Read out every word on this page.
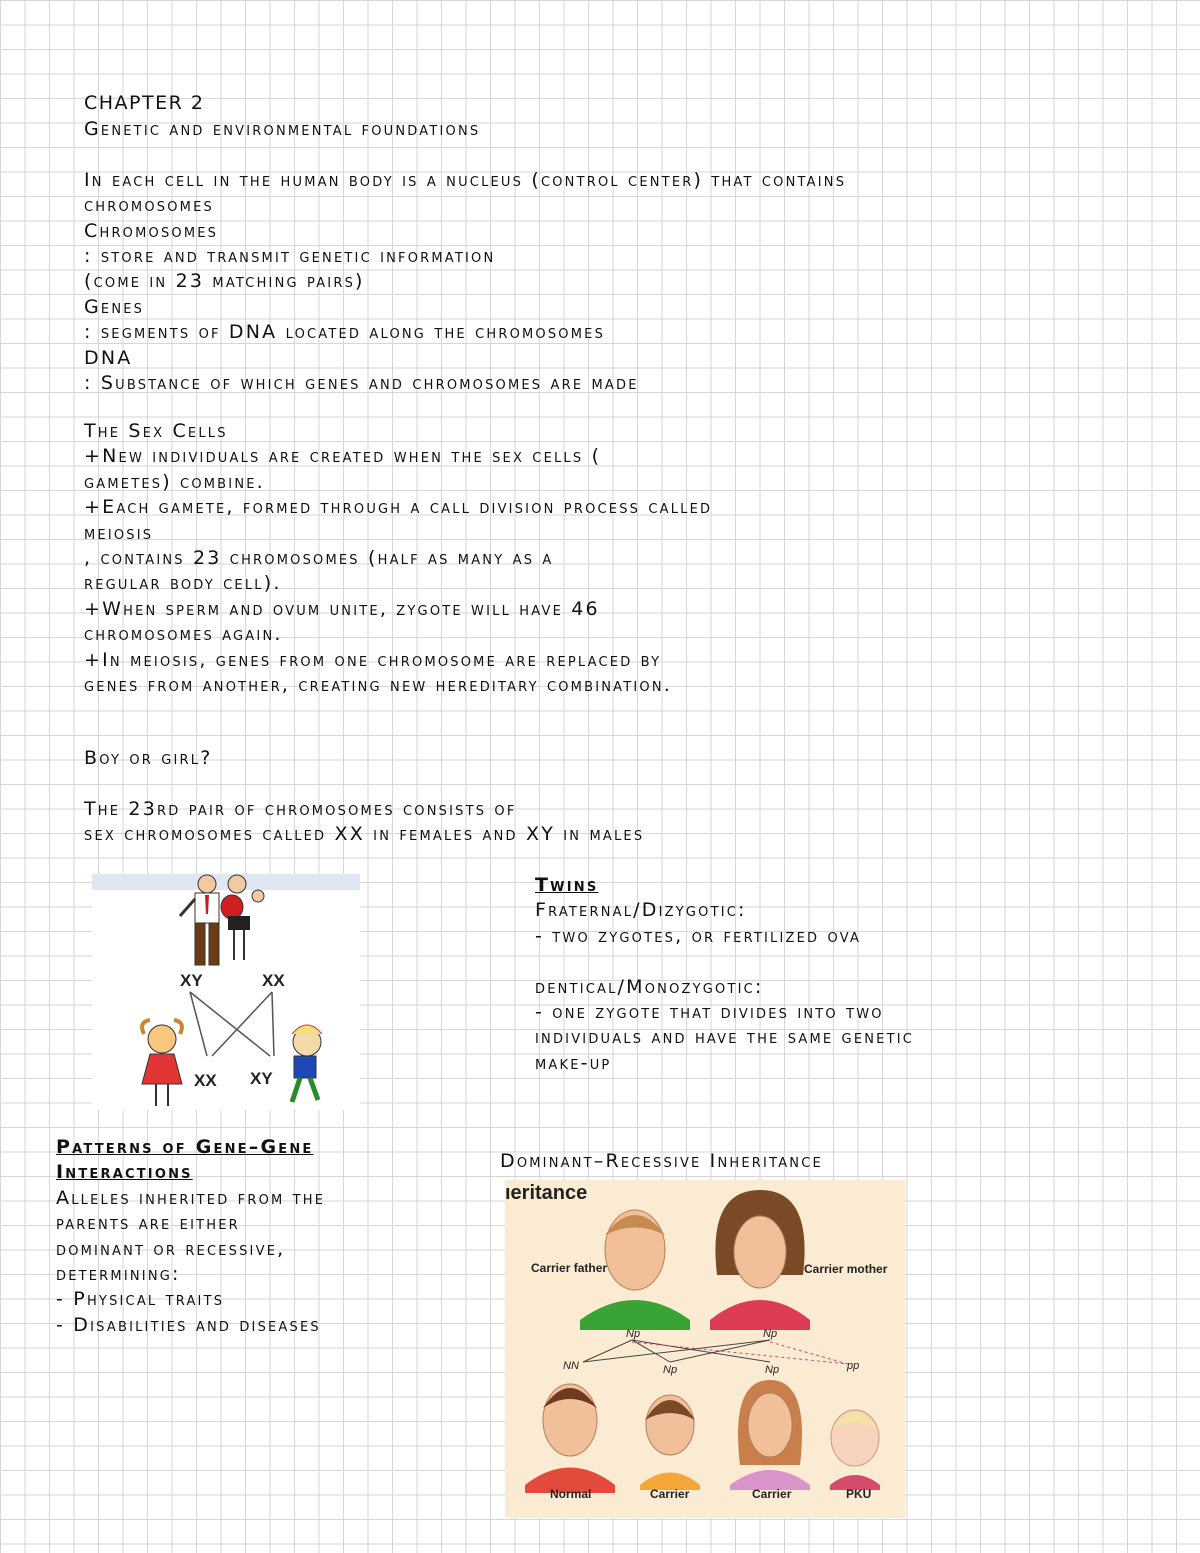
CHAPTER 2
Genetic and environmental foundations
In each cell in the human body is a nucleus (control center) that contains
chromosomes
Chromosomes
: store and transmit genetic information
(come in 23 matching pairs)
Genes
: segments of DNA located along the chromosomes
DNA
: Substance of which genes and chromosomes are made
The Sex Cells
+New individuals are created when the sex cells (
gametes) combine.
+Each gamete, formed through a call division process called
meiosis
, contains 23 chromosomes (half as many as a
regular body cell).
+When sperm and ovum unite, zygote will have 46
chromosomes again.
+In meiosis, genes from one chromosome are replaced by
genes from another, creating new hereditary combination.
Boy or girl?
The 23rd pair of chromosomes consists of
sex chromosomes called XX in females and XY in males
XY	XX
XX XY
Twins
Fraternal/Dizygotic:
- two zygotes, or fertilized ova
dentical/Monozygotic:
- one zygote that divides into two
individuals and have the same genetic
make-up
Patterns of Gene–Gene
Interactions
Alleles inherited from the
parents are either
dominant or recessive,
determining:
- Physical traits
- Disabilities and diseases
Dominant–Recessive Inheritance
ıeritance
Carrier father	Carrier mother
Np	Np
NN	Np	Np	pp
Normal	Carrier	Carrier	PKU
